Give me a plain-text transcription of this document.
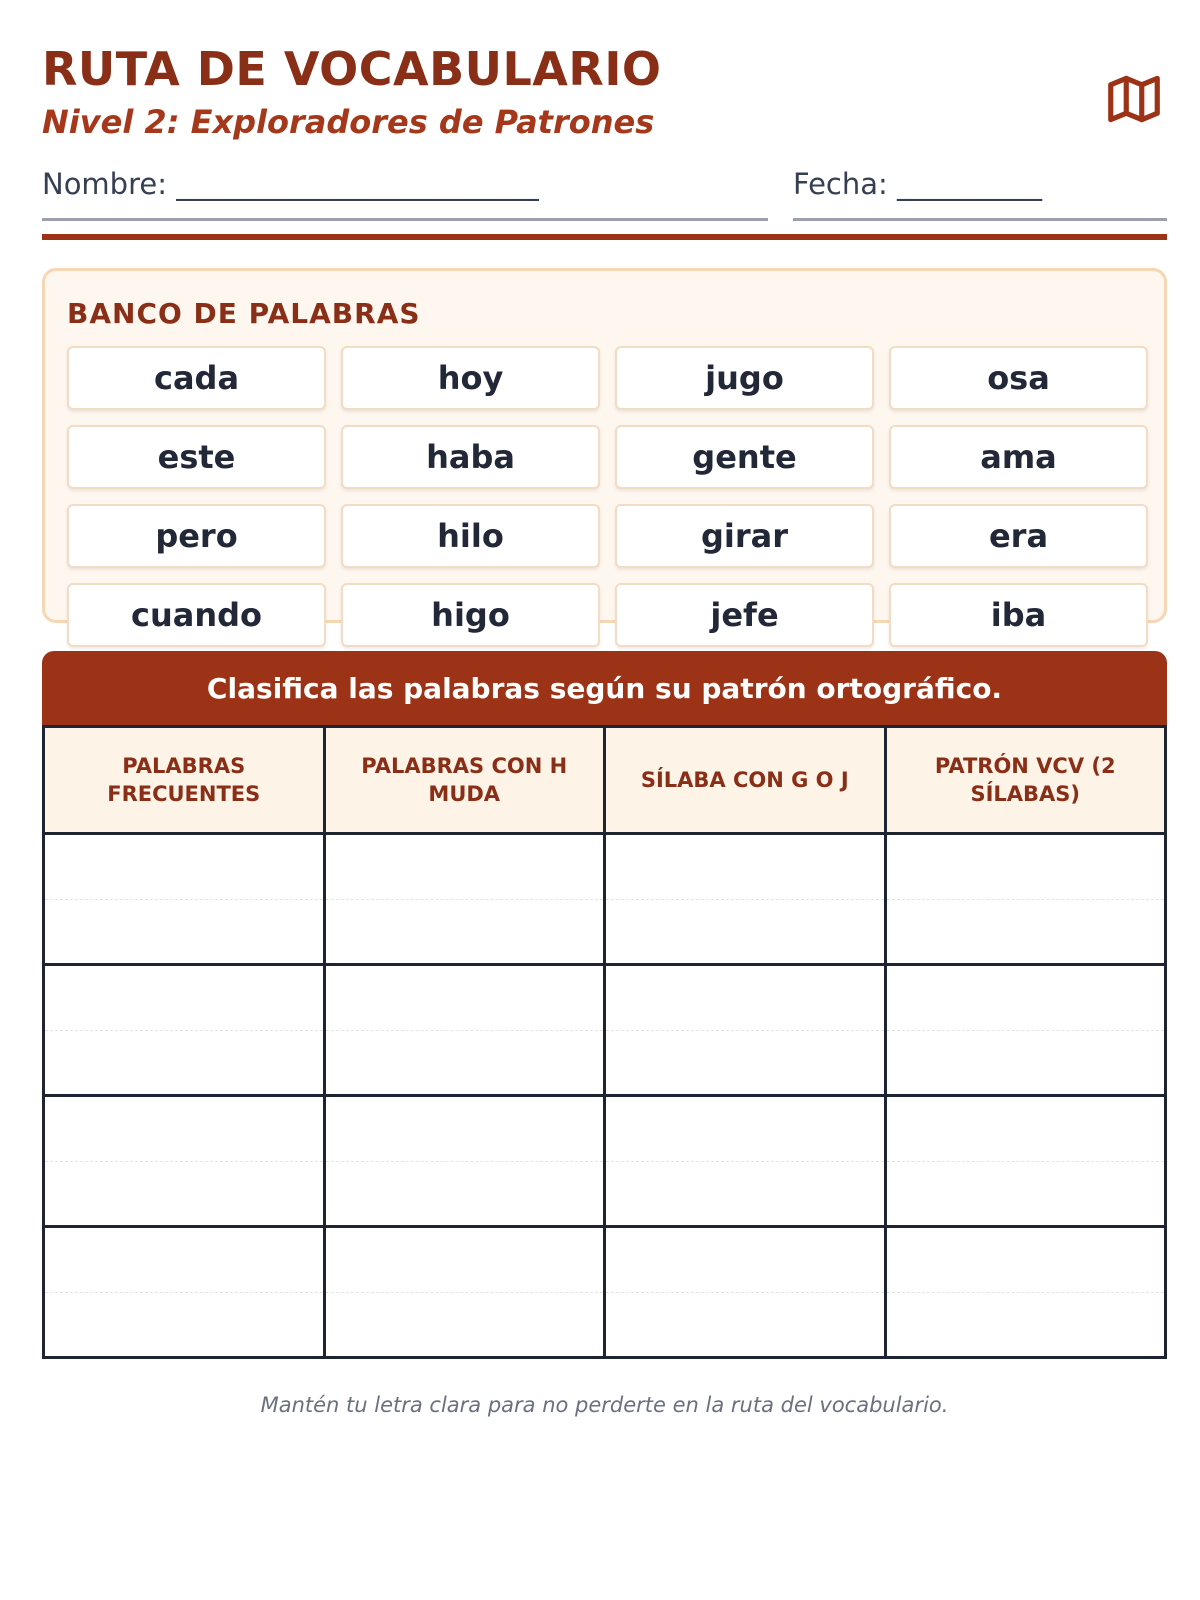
RUTA DE VOCABULARIO
Nivel 2: Exploradores de Patrones
Nombre: _________________________	Fecha: __________
BANCO DE PALABRAS
cada	hoy	jugo	osa
este	haba	gente	ama
pero	hilo	girar	era
cuando	higo	jefe	iba
Clasifica las palabras según su patrón ortográfico.
PALABRAS FRECUENTES	PALABRAS CON H MUDA	SÍLABA CON G O J	PATRÓN VCV (2 SÍLABAS)

Mantén tu letra clara para no perderte en la ruta del vocabulario.
